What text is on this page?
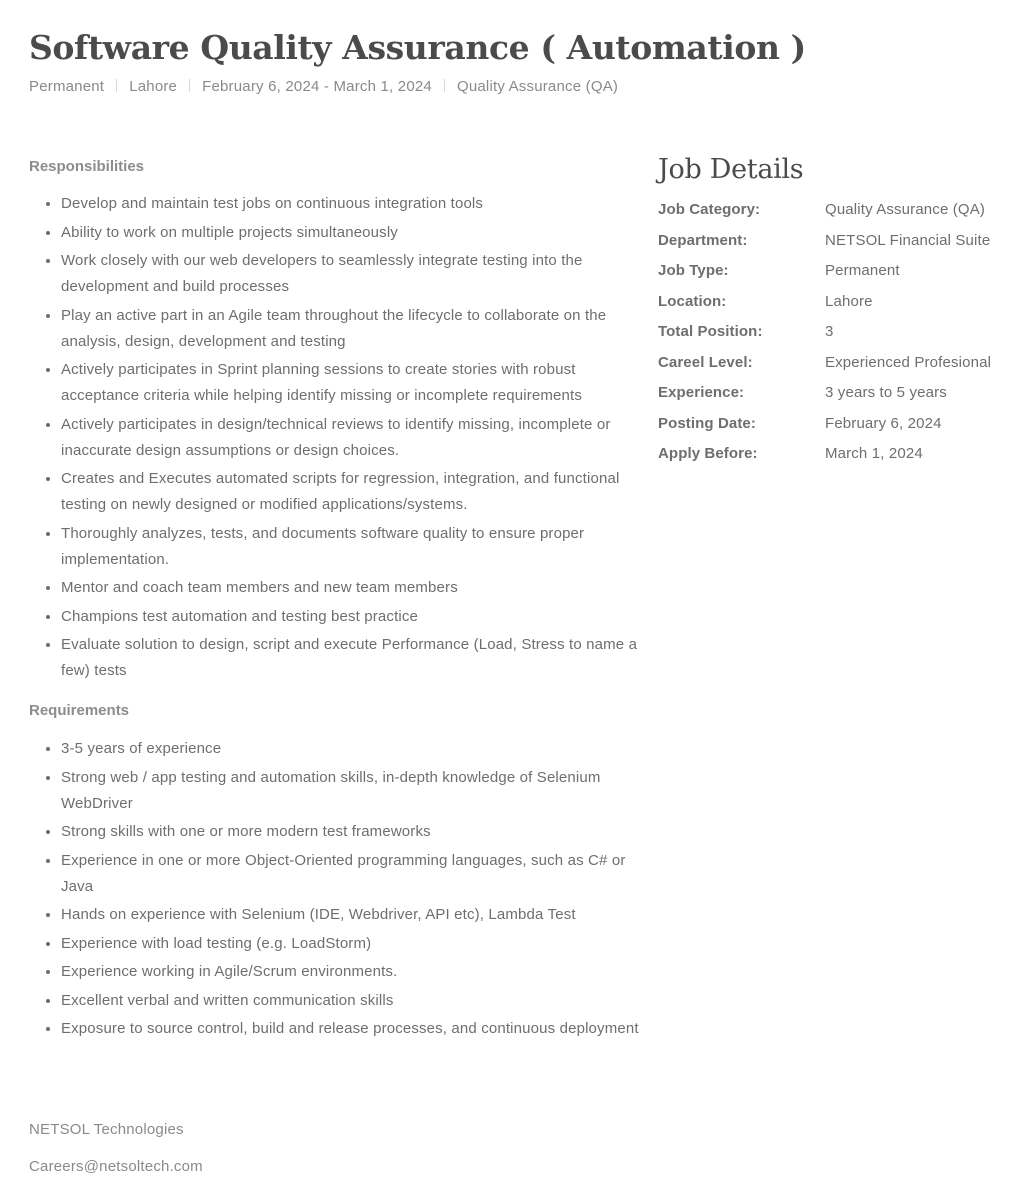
Software Quality Assurance ( Automation )
Permanent Lahore February 6, 2024 - March 1, 2024 Quality Assurance (QA)
Responsibilities
• Develop and maintain test jobs on continuous integration tools
• Ability to work on multiple projects simultaneously
• Work closely with our web developers to seamlessly integrate testing into the development and build processes
• Play an active part in an Agile team throughout the lifecycle to collaborate on the analysis, design, development and testing
• Actively participates in Sprint planning sessions to create stories with robust acceptance criteria while helping identify missing or incomplete requirements
• Actively participates in design/technical reviews to identify missing, incomplete or inaccurate design assumptions or design choices.
• Creates and Executes automated scripts for regression, integration, and functional testing on newly designed or modified applications/systems.
• Thoroughly analyzes, tests, and documents software quality to ensure proper implementation.
• Mentor and coach team members and new team members
• Champions test automation and testing best practice
• Evaluate solution to design, script and execute Performance (Load, Stress to name a few) tests
Requirements
• 3-5 years of experience
• Strong web / app testing and automation skills, in-depth knowledge of Selenium WebDriver
• Strong skills with one or more modern test frameworks
• Experience in one or more Object-Oriented programming languages, such as C# or Java
• Hands on experience with Selenium (IDE, Webdriver, API etc), Lambda Test
• Experience with load testing (e.g. LoadStorm)
• Experience working in Agile/Scrum environments.
• Excellent verbal and written communication skills
• Exposure to source control, build and release processes, and continuous deployment
Job Details
Job Category:	Quality Assurance (QA)
Department:	NETSOL Financial Suite
Job Type:	Permanent
Location:	Lahore
Total Position:	3
Careel Level:	Experienced Profesional
Experience:	3 years to 5 years
Posting Date:	February 6, 2024
Apply Before:	March 1, 2024
NETSOL Technologies
Careers@netsoltech.com
